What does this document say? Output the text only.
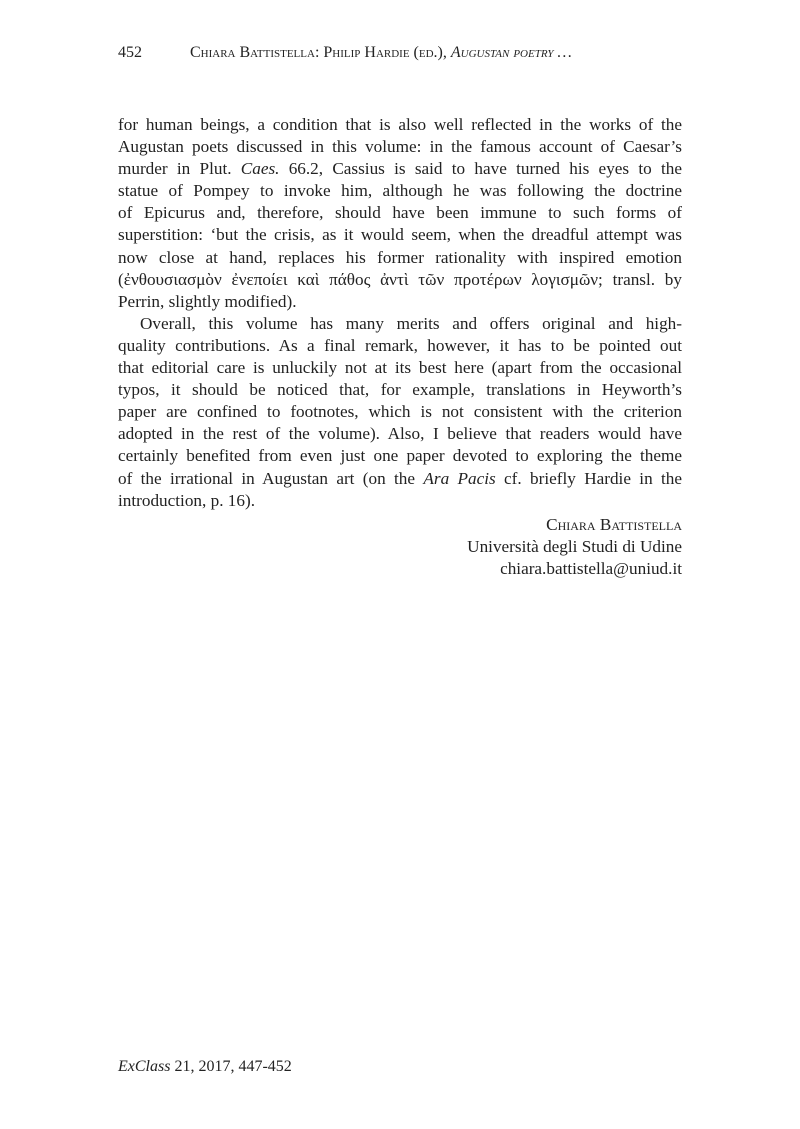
452	Chiara Battistella: Philip Hardie (ed.), Augustan poetry …
for human beings, a condition that is also well reflected in the works of the
Augustan poets discussed in this volume: in the famous account of Caesar’s
murder in Plut. Caes. 66.2, Cassius is said to have turned his eyes to the
statue of Pompey to invoke him, although he was following the doctrine
of Epicurus and, therefore, should have been immune to such forms of
superstition: ‘but the crisis, as it would seem, when the dreadful attempt was
now close at hand, replaces his former rationality with inspired emotion
(ἐνθουσιασμὸν ἐνεποίει καὶ πάθος ἀντὶ τῶν προτέρων λογισμῶν; transl. by
Perrin, slightly modified).
Overall, this volume has many merits and offers original and high-
quality contributions. As a final remark, however, it has to be pointed out
that editorial care is unluckily not at its best here (apart from the occasional
typos, it should be noticed that, for example, translations in Heyworth’s
paper are confined to footnotes, which is not consistent with the criterion
adopted in the rest of the volume). Also, I believe that readers would have
certainly benefited from even just one paper devoted to exploring the theme
of the irrational in Augustan art (on the Ara Pacis cf. briefly Hardie in the
introduction, p. 16).
Chiara Battistella
Università degli Studi di Udine
chiara.battistella@uniud.it
ExClass 21, 2017, 447-452
